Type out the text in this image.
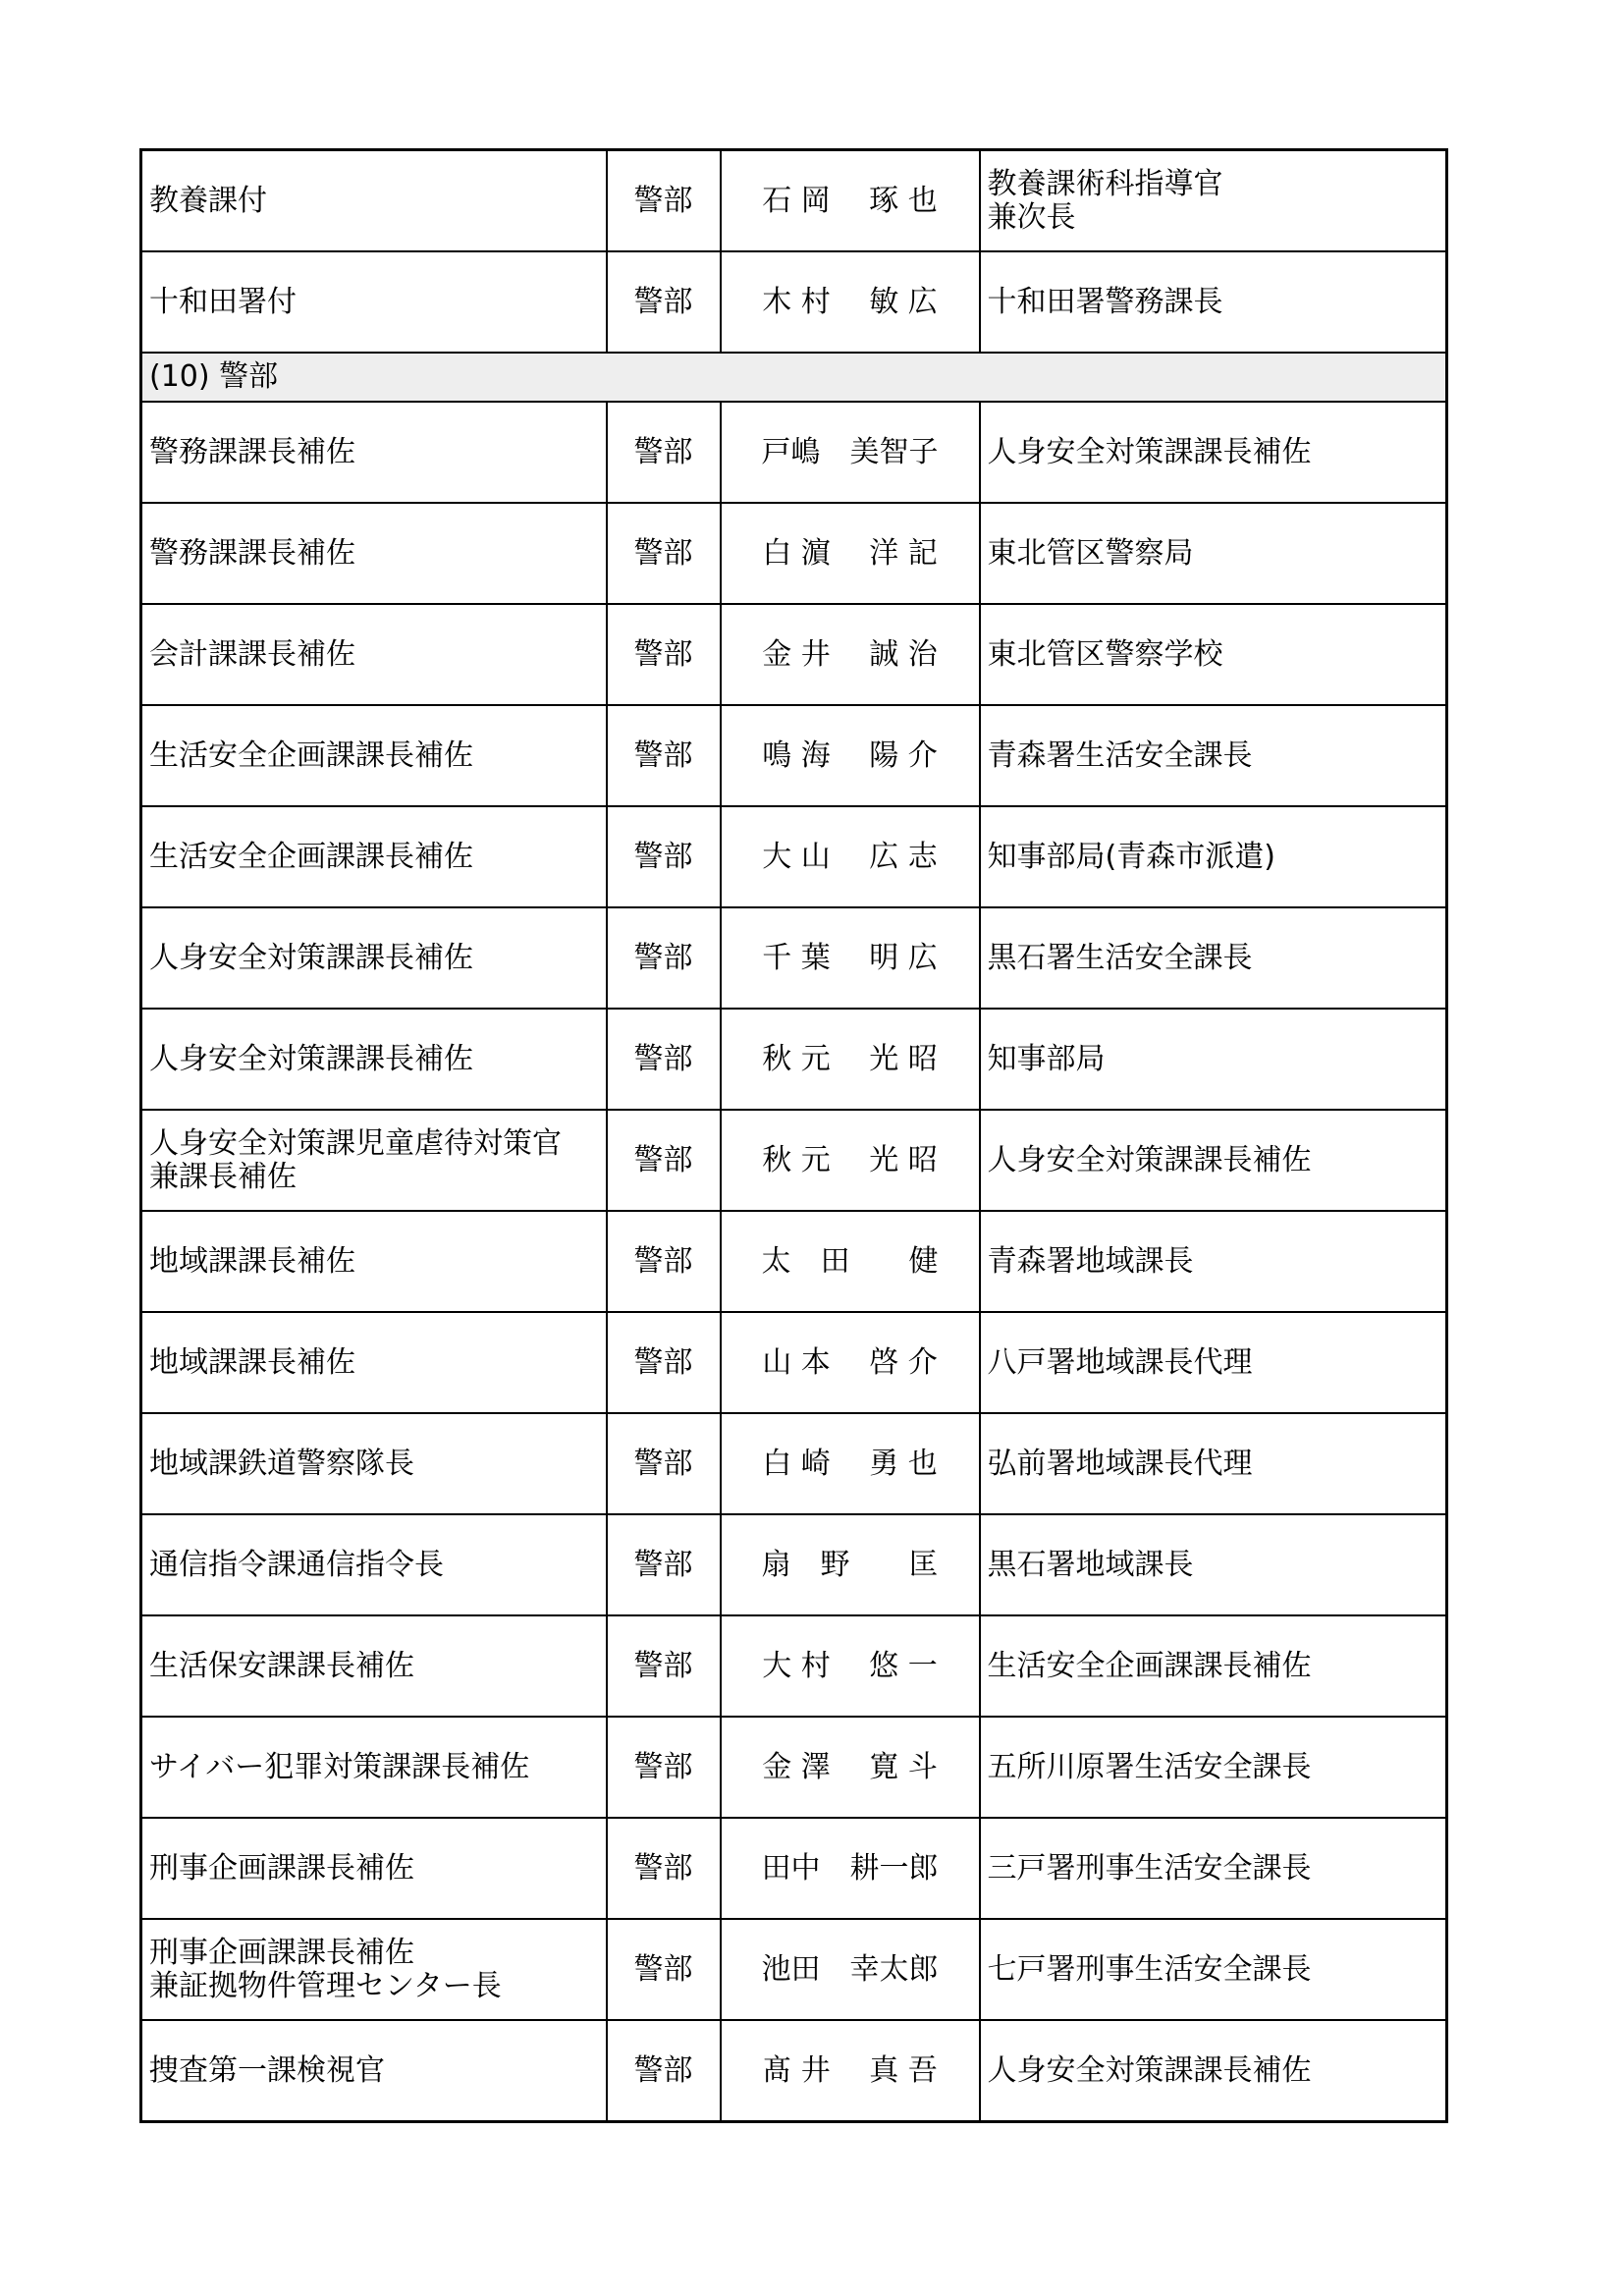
教養課付	警部	石 岡　 琢 也	教養課術科指導官
兼次長
十和田署付	警部	木 村　 敏 広	十和田署警務課長
(10) 警部			
警務課課長補佐	警部	戸嶋　美智子	人身安全対策課課長補佐
警務課課長補佐	警部	白 濵　 洋 記	東北管区警察局
会計課課長補佐	警部	金 井　 誠 治	東北管区警察学校
生活安全企画課課長補佐	警部	鳴 海　 陽 介	青森署生活安全課長
生活安全企画課課長補佐	警部	大 山　 広 志	知事部局(青森市派遣)
人身安全対策課課長補佐	警部	千 葉　 明 広	黒石署生活安全課長
人身安全対策課課長補佐	警部	秋 元　 光 昭	知事部局
人身安全対策課児童虐待対策官
兼課長補佐	警部	秋 元　 光 昭	人身安全対策課課長補佐
地域課課長補佐	警部	太　田　　健	青森署地域課長
地域課課長補佐	警部	山 本　 啓 介	八戸署地域課長代理
地域課鉄道警察隊長	警部	白 崎　 勇 也	弘前署地域課長代理
通信指令課通信指令長	警部	扇　野　　匡	黒石署地域課長
生活保安課課長補佐	警部	大 村　 悠 一	生活安全企画課課長補佐
サイバー犯罪対策課課長補佐	警部	金 澤　 寛 斗	五所川原署生活安全課長
刑事企画課課長補佐	警部	田中　耕一郎	三戸署刑事生活安全課長
刑事企画課課長補佐
兼証拠物件管理センター長	警部	池田　幸太郎	七戸署刑事生活安全課長
捜査第一課検視官	警部	髙 井　 真 吾	人身安全対策課課長補佐
